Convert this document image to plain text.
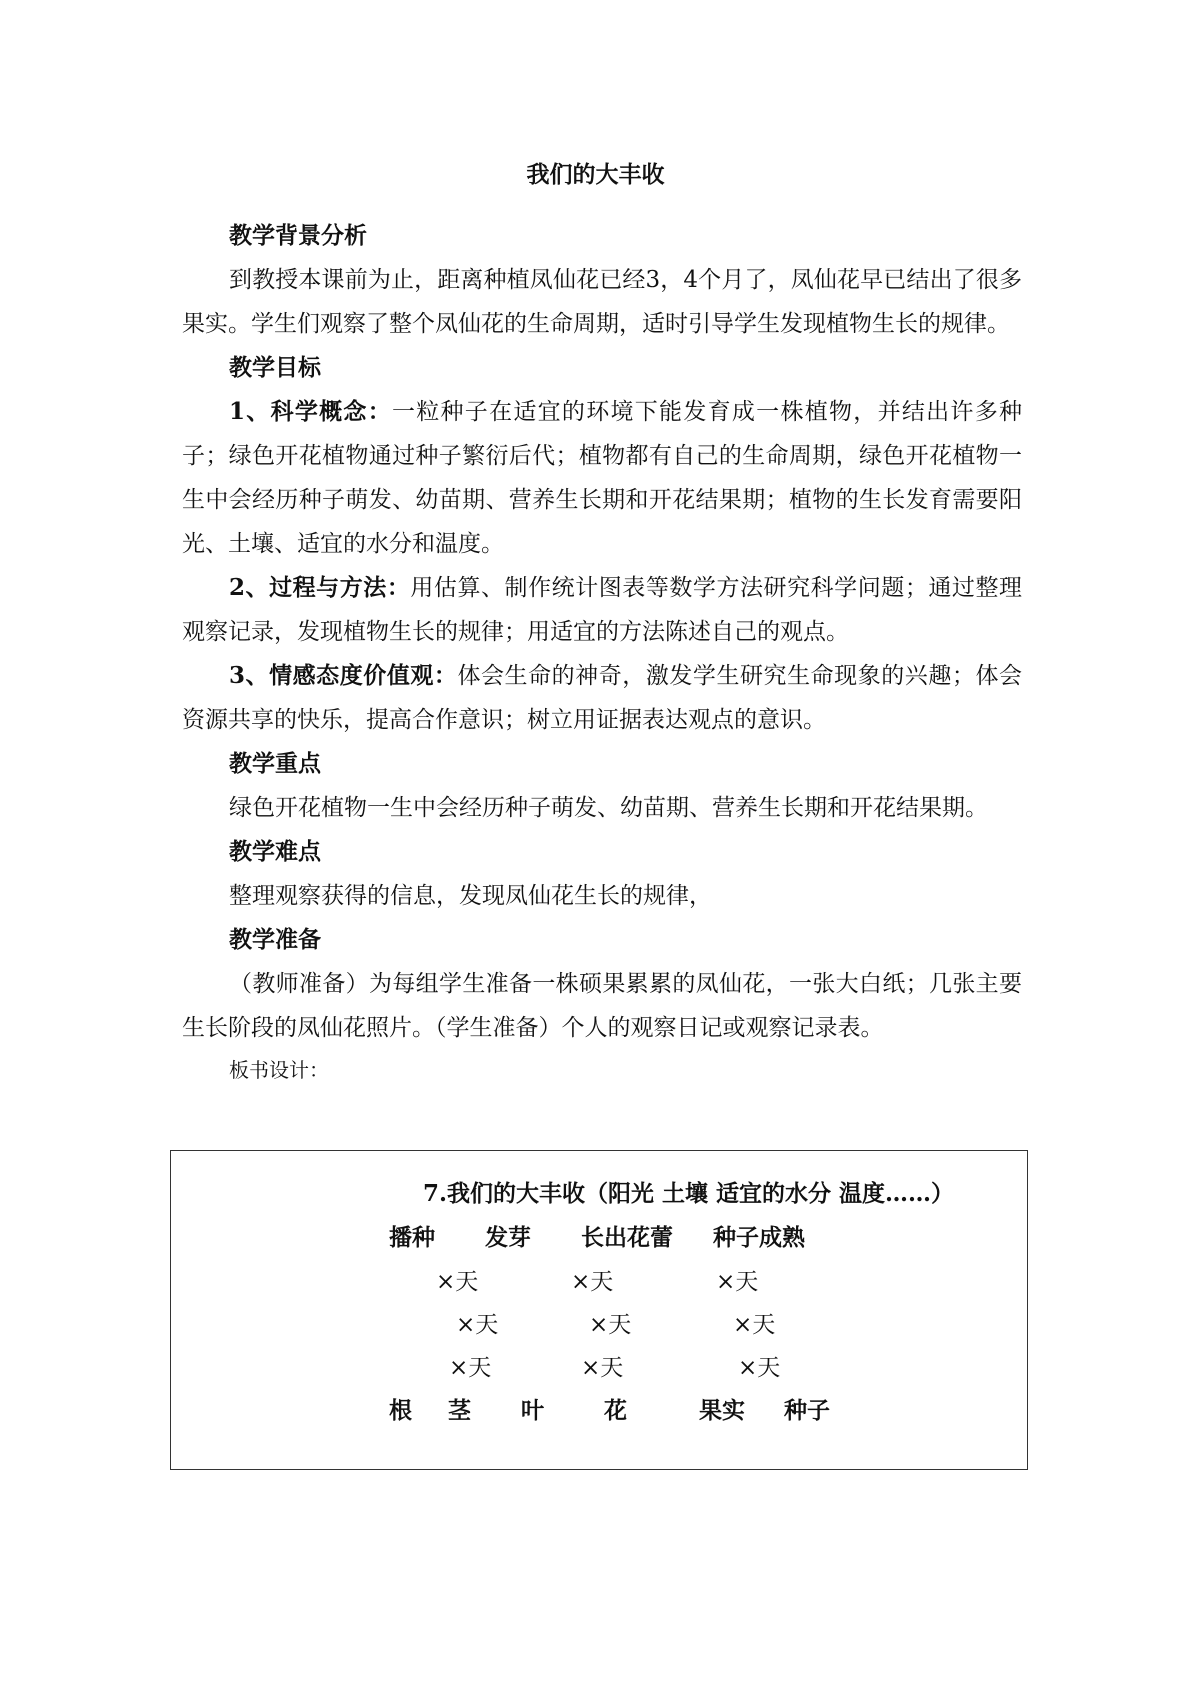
我们的大丰收

教学背景分析

到教授本课前为止，距离种植凤仙花已经3，4个月了，凤仙花早已结出了很多果实。学生们观察了整个凤仙花的生命周期，适时引导学生发现植物生长的规律。

教学目标

1、科学概念：一粒种子在适宜的环境下能发育成一株植物，并结出许多种子；绿色开花植物通过种子繁衍后代；植物都有自己的生命周期，绿色开花植物一生中会经历种子萌发、幼苗期、营养生长期和开花结果期；植物的生长发育需要阳光、土壤、适宜的水分和温度。

2、过程与方法：用估算、制作统计图表等数学方法研究科学问题；通过整理观察记录，发现植物生长的规律；用适宜的方法陈述自己的观点。

3、情感态度价值观：体会生命的神奇，激发学生研究生命现象的兴趣；体会资源共享的快乐，提高合作意识；树立用证据表达观点的意识。

教学重点

绿色开花植物一生中会经历种子萌发、幼苗期、营养生长期和开花结果期。

教学难点

整理观察获得的信息，发现凤仙花生长的规律，

教学准备

（教师准备）为每组学生准备一株硕果累累的凤仙花，一张大白纸；几张主要生长阶段的凤仙花照片。（学生准备）个人的观察日记或观察记录表。

板书设计：

7.我们的大丰收（阳光 土壤 适宜的水分 温度……）
播种 发芽 长出花蕾 种子成熟
×天	×天	×天
×天	×天	×天
×天	×天	×天
根 茎 叶	花	果实 种子
